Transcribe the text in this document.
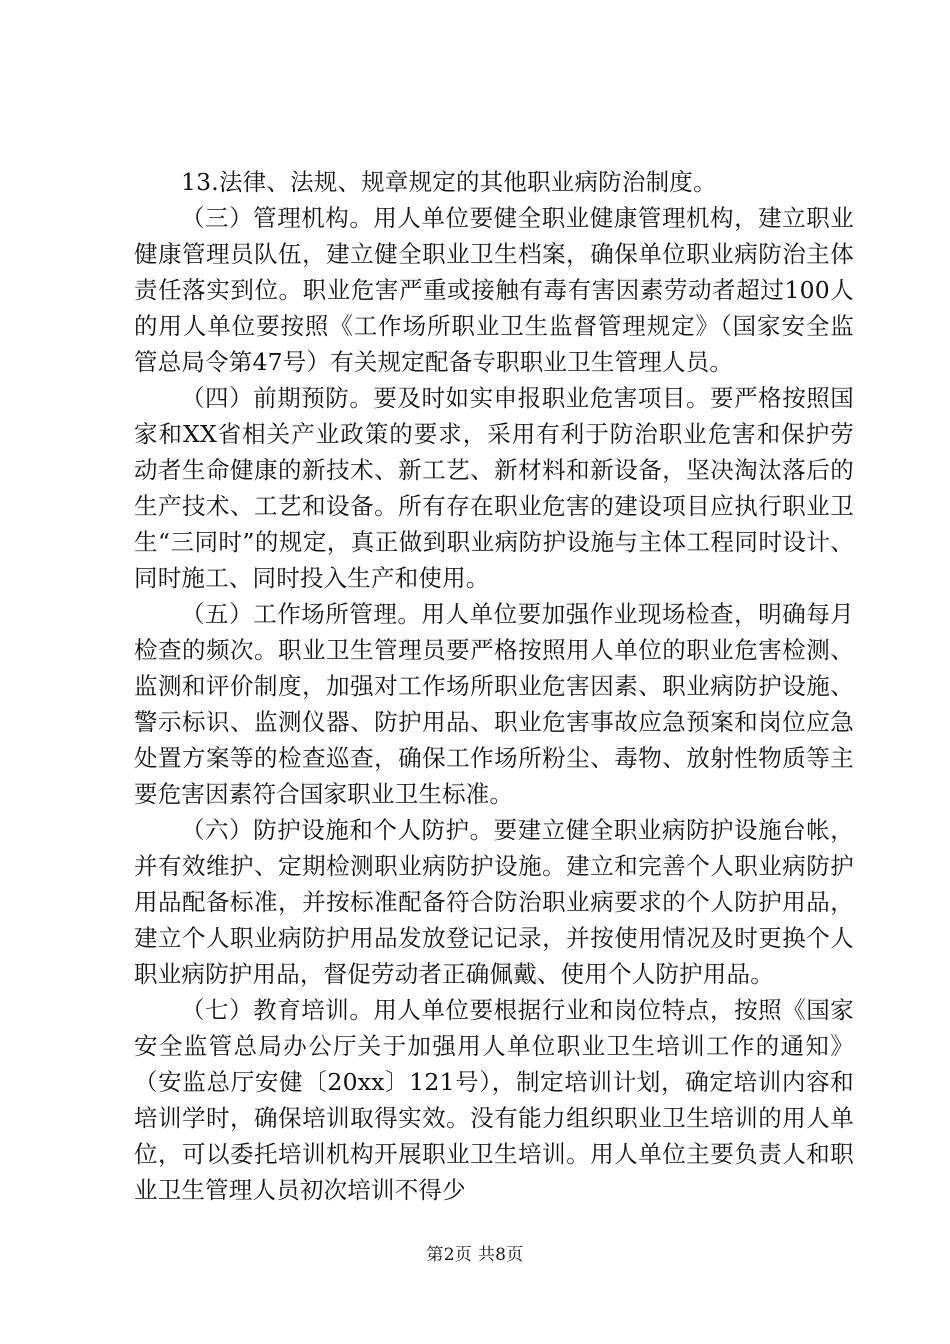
13.法律、法规、规章规定的其他职业病防治制度。

（三）管理机构。用人单位要健全职业健康管理机构，建立职业健康管理员队伍，建立健全职业卫生档案，确保单位职业病防治主体责任落实到位。职业危害严重或接触有毒有害因素劳动者超过100人的用人单位要按照《工作场所职业卫生监督管理规定》（国家安全监管总局令第47号）有关规定配备专职职业卫生管理人员。

（四）前期预防。要及时如实申报职业危害项目。要严格按照国家和XX省相关产业政策的要求，采用有利于防治职业危害和保护劳动者生命健康的新技术、新工艺、新材料和新设备，坚决淘汰落后的生产技术、工艺和设备。所有存在职业危害的建设项目应执行职业卫生“三同时”的规定，真正做到职业病防护设施与主体工程同时设计、同时施工、同时投入生产和使用。

（五）工作场所管理。用人单位要加强作业现场检查，明确每月检查的频次。职业卫生管理员要严格按照用人单位的职业危害检测、监测和评价制度，加强对工作场所职业危害因素、职业病防护设施、警示标识、监测仪器、防护用品、职业危害事故应急预案和岗位应急处置方案等的检查巡查，确保工作场所粉尘、毒物、放射性物质等主要危害因素符合国家职业卫生标准。

（六）防护设施和个人防护。要建立健全职业病防护设施台帐，并有效维护、定期检测职业病防护设施。建立和完善个人职业病防护用品配备标准，并按标准配备符合防治职业病要求的个人防护用品，建立个人职业病防护用品发放登记记录，并按使用情况及时更换个人职业病防护用品，督促劳动者正确佩戴、使用个人防护用品。

（七）教育培训。用人单位要根据行业和岗位特点，按照《国家安全监管总局办公厅关于加强用人单位职业卫生培训工作的通知》（安监总厅安健〔20xx〕121号），制定培训计划，确定培训内容和培训学时，确保培训取得实效。没有能力组织职业卫生培训的用人单位，可以委托培训机构开展职业卫生培训。用人单位主要负责人和职业卫生管理人员初次培训不得少

第2页 共8页
